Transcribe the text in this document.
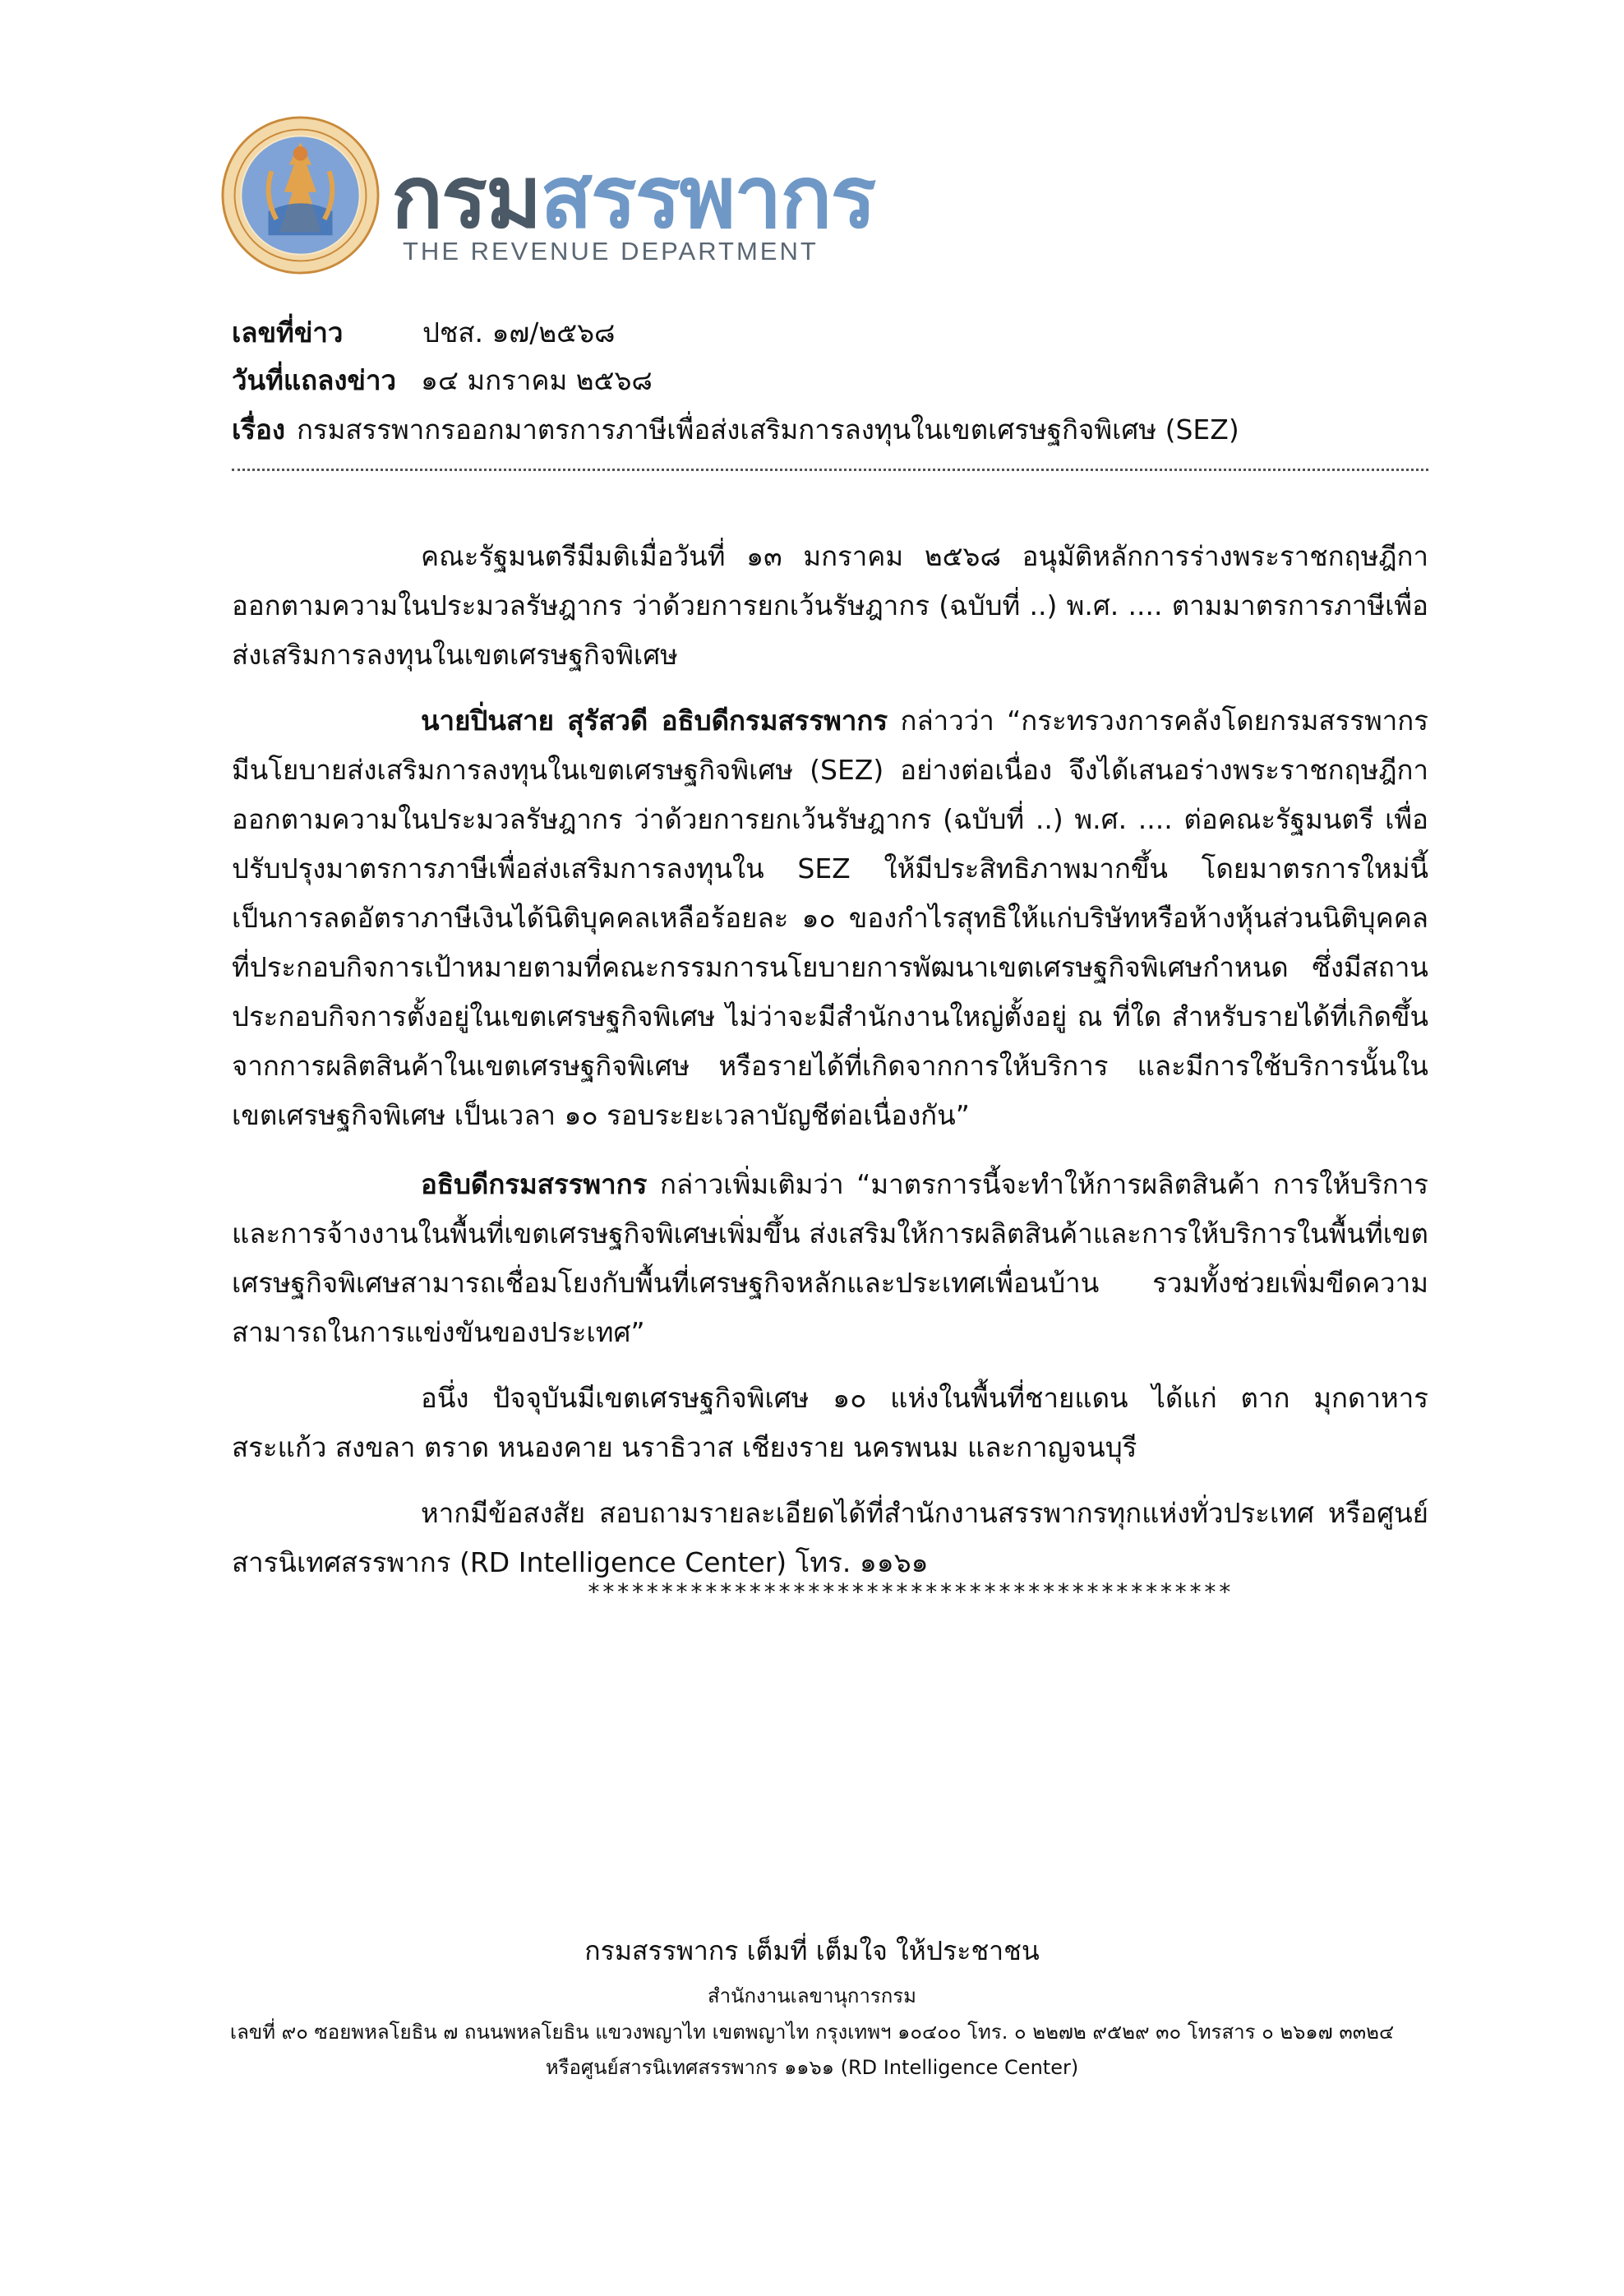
กรมสรรพากร
THE REVENUE DEPARTMENT
เลขที่ข่าว	ปชส. ๑๗/๒๕๖๘
วันที่แถลงข่าว ๑๔ มกราคม ๒๕๖๘
เรื่อง กรมสรรพากรออกมาตรการภาษีเพื่อส่งเสริมการลงทุนในเขตเศรษฐกิจพิเศษ (SEZ)

คณะรัฐมนตรีมีมติเมื่อวันที่ ๑๓ มกราคม ๒๕๖๘ อนุมัติหลักการร่างพระราชกฤษฎีกา ออกตามความในประมวลรัษฎากร ว่าด้วยการยกเว้นรัษฎากร (ฉบับที่ ..) พ.ศ. .... ตามมาตรการภาษีเพื่อส่งเสริมการลงทุนในเขตเศรษฐกิจพิเศษ

นายปิ่นสาย สุรัสวดี อธิบดีกรมสรรพากร กล่าวว่า “กระทรวงการคลังโดยกรมสรรพากรมีนโยบายส่งเสริมการลงทุนในเขตเศรษฐกิจพิเศษ (SEZ) อย่างต่อเนื่อง จึงได้เสนอร่างพระราชกฤษฎีกา ออกตามความในประมวลรัษฎากร ว่าด้วยการยกเว้นรัษฎากร (ฉบับที่ ..) พ.ศ. .... ต่อคณะรัฐมนตรี เพื่อปรับปรุงมาตรการภาษีเพื่อส่งเสริมการลงทุนใน SEZ ให้มีประสิทธิภาพมากขึ้น โดยมาตรการใหม่นี้ เป็นการลดอัตราภาษีเงินได้นิติบุคคลเหลือร้อยละ ๑๐ ของกำไรสุทธิให้แก่บริษัทหรือห้างหุ้นส่วนนิติบุคคล ที่ประกอบกิจการเป้าหมายตามที่คณะกรรมการนโยบายการพัฒนาเขตเศรษฐกิจพิเศษกำหนด ซึ่งมีสถานประกอบกิจการตั้งอยู่ในเขตเศรษฐกิจพิเศษ ไม่ว่าจะมีสำนักงานใหญ่ตั้งอยู่ ณ ที่ใด สำหรับรายได้ที่เกิดขึ้นจากการผลิตสินค้าในเขตเศรษฐกิจพิเศษ หรือรายได้ที่เกิดจากการให้บริการ และมีการใช้บริการนั้นในเขตเศรษฐกิจพิเศษ เป็นเวลา ๑๐ รอบระยะเวลาบัญชีต่อเนื่องกัน”

อธิบดีกรมสรรพากร กล่าวเพิ่มเติมว่า “มาตรการนี้จะทำให้การผลิตสินค้า การให้บริการ และการจ้างงานในพื้นที่เขตเศรษฐกิจพิเศษเพิ่มขึ้น ส่งเสริมให้การผลิตสินค้าและการให้บริการในพื้นที่เขตเศรษฐกิจพิเศษสามารถเชื่อมโยงกับพื้นที่เศรษฐกิจหลักและประเทศเพื่อนบ้าน รวมทั้งช่วยเพิ่มขีดความสามารถในการแข่งขันของประเทศ”

อนึ่ง ปัจจุบันมีเขตเศรษฐกิจพิเศษ ๑๐ แห่งในพื้นที่ชายแดน ได้แก่ ตาก มุกดาหาร สระแก้ว สงขลา ตราด หนองคาย นราธิวาส เชียงราย นครพนม และกาญจนบุรี

หากมีข้อสงสัย สอบถามรายละเอียดได้ที่สำนักงานสรรพากรทุกแห่งทั่วประเทศ หรือศูนย์สารนิเทศสรรพากร (RD Intelligence Center) โทร. ๑๑๖๑

********************************************
กรมสรรพากร เต็มที่ เต็มใจ ให้ประชาชน
สำนักงานเลขานุการกรม
เลขที่ ๙๐ ซอยพหลโยธิน ๗ ถนนพหลโยธิน แขวงพญาไท เขตพญาไท กรุงเทพฯ ๑๐๔๐๐ โทร. ๐ ๒๒๗๒ ๙๕๒๙ ๓๐ โทรสาร ๐ ๒๖๑๗ ๓๓๒๔
หรือศูนย์สารนิเทศสรรพากร ๑๑๖๑ (RD Intelligence Center)
